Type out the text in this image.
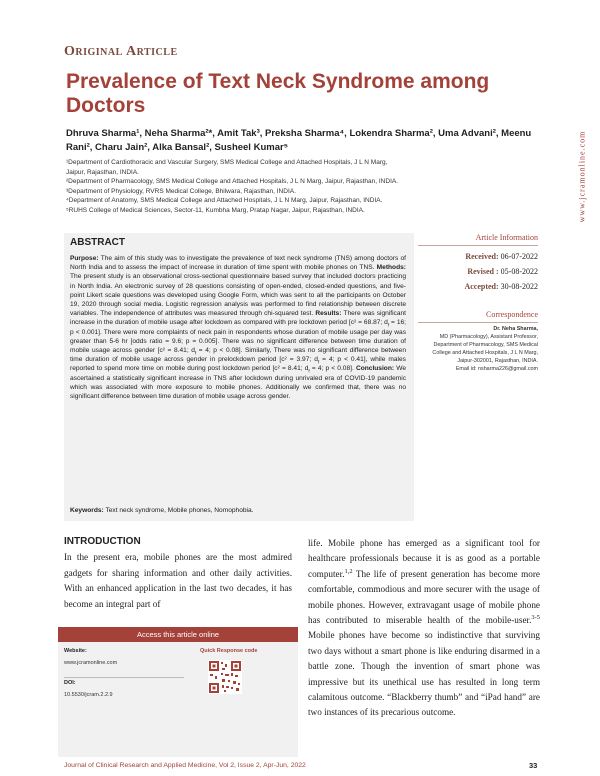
Original Article
Prevalence of Text Neck Syndrome among Doctors
www.jcramonline.com
Dhruva Sharma¹, Neha Sharma²*, Amit Tak³, Preksha Sharma⁴, Lokendra Sharma², Uma Advani², Meenu Rani², Charu Jain², Alka Bansal², Susheel Kumar⁵
¹Department of Cardiothoracic and Vascular Surgery, SMS Medical College and Attached Hospitals, J L N Marg,
Jaipur, Rajasthan, INDIA.
²Department of Pharmacology, SMS Medical College and Attached Hospitals, J L N Marg, Jaipur, Rajasthan, INDIA.
³Department of Physiology, RVRS Medical College, Bhilwara, Rajasthan, INDIA.
⁴Department of Anatomy, SMS Medical College and Attached Hospitals, J L N Marg, Jaipur, Rajasthan, INDIA.
⁵RUHS College of Medical Sciences, Sector-11, Kumbha Marg, Pratap Nagar, Jaipur, Rajasthan, INDIA.
ABSTRACT
Purpose: The aim of this study was to investigate the prevalence of text neck syndrome (TNS) among doctors of North India and to assess the impact of increase in duration of time spent with mobile phones on TNS. Methods: The present study is an observational cross-sectional questionnaire based survey that included doctors practicing in North India. An electronic survey of 28 questions consisting of open-ended, closed-ended questions, and five-point Likert scale questions was developed using Google Form, which was sent to all the participants on October 19, 2020 through social media. Logistic regression analysis was performed to find relationship between discrete variables. The independence of attributes was measured through chi-squared test. Results: There was significant increase in the duration of mobile usage after lockdown as compared with pre lockdown period [c² = 68.87; $d_f = 16$; p < 0.001]. There were more complaints of neck pain in respondents whose duration of mobile usage per day was greater than 5-6 hr [odds ratio = 9.6; p = 0.005]. There was no significant difference between time duration of mobile usage across gender [c² = 8.41; $d_f = 4$; p < 0.08]. Similarly, There was no significant difference between time duration of mobile usage across gender in prelockdown period [c² = 3.97; $d_f = 4$; p < 0.41], while males reported to spend more time on mobile during post lockdown period [c² = 8.41; $d_f = 4$; p < 0.08]. Conclusion: We ascertained a statistically significant increase in TNS after lockdown during unrivaled era of COVID-19 pandemic which was associated with more exposure to mobile phones. Additionally we confirmed that, there was no significant difference between time duration of mobile usage across gender.
Keywords: Text neck syndrome, Mobile phones, Nomophobia.
Article Information
Received: 06-07-2022
Revised : 05-08-2022
Accepted: 30-08-2022
Correspondence
Dr. Neha Sharma,
MD (Pharmacology), Assistant Professor,
Department of Pharmacology, SMS Medical
College and Attached Hospitals, J L N Marg,
Jaipur-302001, Rajasthan, INDIA.
Email id: nsharma226@gmail.com
INTRODUCTION
In the present era, mobile phones are the most admired gadgets for sharing information and other daily activities. With an enhanced application in the last two decades, it has become an integral part of
Access this article online
Website:
www.jcramonline.com
DOI:
10.5530/jcram.2.2.9
Quick Response code
life. Mobile phone has emerged as a significant tool for healthcare professionals because it is as good as a portable computer.$^{1,2}$ The life of present generation has become more comfortable, commodious and more securer with the usage of mobile phones. However, extravagant usage of mobile phone has contributed to miserable health of the mobile-user.$^{3-5}$ Mobile phones have become so indistinctive that surviving two days without a smart phone is like enduring disarmed in a battle zone. Though the invention of smart phone was impressive but its unethical use has resulted in long term calamitous outcome. “Blackberry thumb” and “iPad hand” are two instances of its precarious outcome.
Journal of Clinical Research and Applied Medicine, Vol 2, Issue 2, Apr-Jun, 2022	33
